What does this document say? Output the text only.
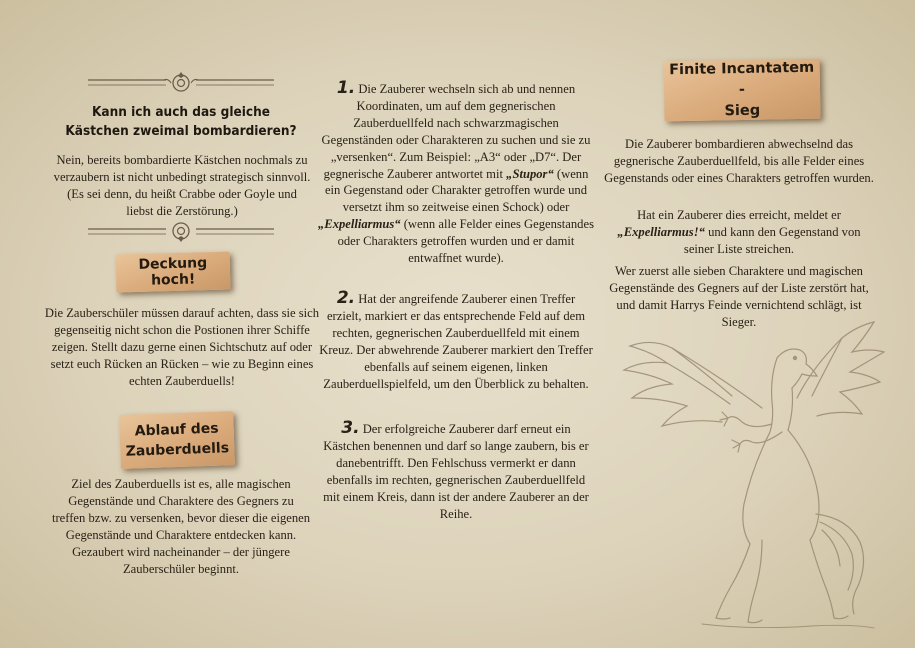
Kann ich auch das gleiche Kästchen zweimal bombardieren?

Nein, bereits bombardierte Kästchen nochmals zu verzaubern ist nicht unbedingt strategisch sinnvoll. (Es sei denn, du heißt Crabbe oder Goyle und liebst die Zerstörung.)

Deckung hoch!

Die Zauberschüler müssen darauf achten, dass sie sich gegenseitig nicht schon die Postionen ihrer Schiffe zeigen. Stellt dazu gerne einen Sichtschutz auf oder setzt euch Rücken an Rücken – wie zu Beginn eines echten Zauberduells!

Ablauf des
Zauberduells

Ziel des Zauberduells ist es, alle magischen Gegenstände und Charaktere des Gegners zu treffen bzw. zu versenken, bevor dieser die eigenen Gegenstände und Charaktere entdecken kann. Gezaubert wird nacheinander – der jüngere Zauberschüler beginnt.

1. Die Zauberer wechseln sich ab und nennen Koordinaten, um auf dem gegnerischen Zauberduellfeld nach schwarzmagischen Gegenständen oder Charakteren zu suchen und sie zu „versenken“. Zum Beispiel: „A3“ oder „D7“. Der gegnerische Zauberer antwortet mit „Stupor“ (wenn ein Gegenstand oder Charakter getroffen wurde und versetzt ihm so zeitweise einen Schock) oder „Expelliarmus“ (wenn alle Felder eines Gegenstandes oder Charakters getroffen wurden und er damit entwaffnet wurde).

2. Hat der angreifende Zauberer einen Treffer erzielt, markiert er das entsprechende Feld auf dem rechten, gegnerischen Zauberduellfeld mit einem Kreuz. Der abwehrende Zauberer markiert den Treffer ebenfalls auf seinem eigenen, linken Zauberduellspielfeld, um den Überblick zu behalten.

3. Der erfolgreiche Zauberer darf erneut ein Kästchen benennen und darf so lange zaubern, bis er danebentrifft. Den Fehlschuss vermerkt er dann ebenfalls im rechten, gegnerischen Zauberduellfeld mit einem Kreis, dann ist der andere Zauberer an der Reihe.

Finite Incantatem -
Sieg

Die Zauberer bombardieren abwechselnd das gegnerische Zauberduellfeld, bis alle Felder eines Gegenstands oder eines Charakters getroffen wurden.

Hat ein Zauberer dies erreicht, meldet er „Expelliarmus!“ und kann den Gegenstand von seiner Liste streichen.

Wer zuerst alle sieben Charaktere und magischen Gegenstände des Gegners auf der Liste zerstört hat, und damit Harrys Feinde vernichtend schlägt, ist Sieger.
